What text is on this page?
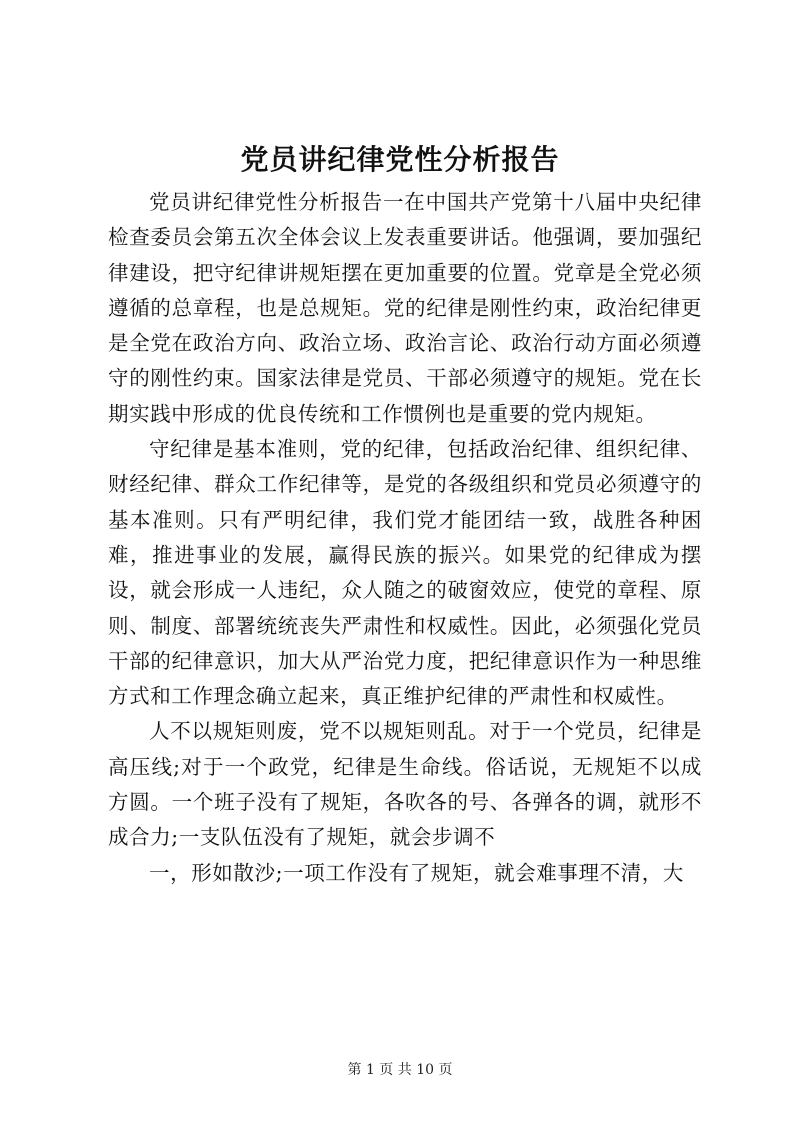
党员讲纪律党性分析报告

党员讲纪律党性分析报告一在中国共产党第十八届中央纪律检查委员会第五次全体会议上发表重要讲话。他强调，要加强纪律建设，把守纪律讲规矩摆在更加重要的位置。党章是全党必须遵循的总章程，也是总规矩。党的纪律是刚性约束，政治纪律更是全党在政治方向、政治立场、政治言论、政治行动方面必须遵守的刚性约束。国家法律是党员、干部必须遵守的规矩。党在长期实践中形成的优良传统和工作惯例也是重要的党内规矩。

守纪律是基本准则，党的纪律，包括政治纪律、组织纪律、财经纪律、群众工作纪律等，是党的各级组织和党员必须遵守的基本准则。只有严明纪律，我们党才能团结一致，战胜各种困难，推进事业的发展，赢得民族的振兴。如果党的纪律成为摆设，就会形成一人违纪，众人随之的破窗效应，使党的章程、原则、制度、部署统统丧失严肃性和权威性。因此，必须强化党员干部的纪律意识，加大从严治党力度，把纪律意识作为一种思维方式和工作理念确立起来，真正维护纪律的严肃性和权威性。

人不以规矩则废，党不以规矩则乱。对于一个党员，纪律是高压线;对于一个政党，纪律是生命线。俗话说，无规矩不以成方圆。一个班子没有了规矩，各吹各的号、各弹各的调，就形不成合力;一支队伍没有了规矩，就会步调不

一，形如散沙;一项工作没有了规矩，就会难事理不清，大

第 1 页 共 10 页
